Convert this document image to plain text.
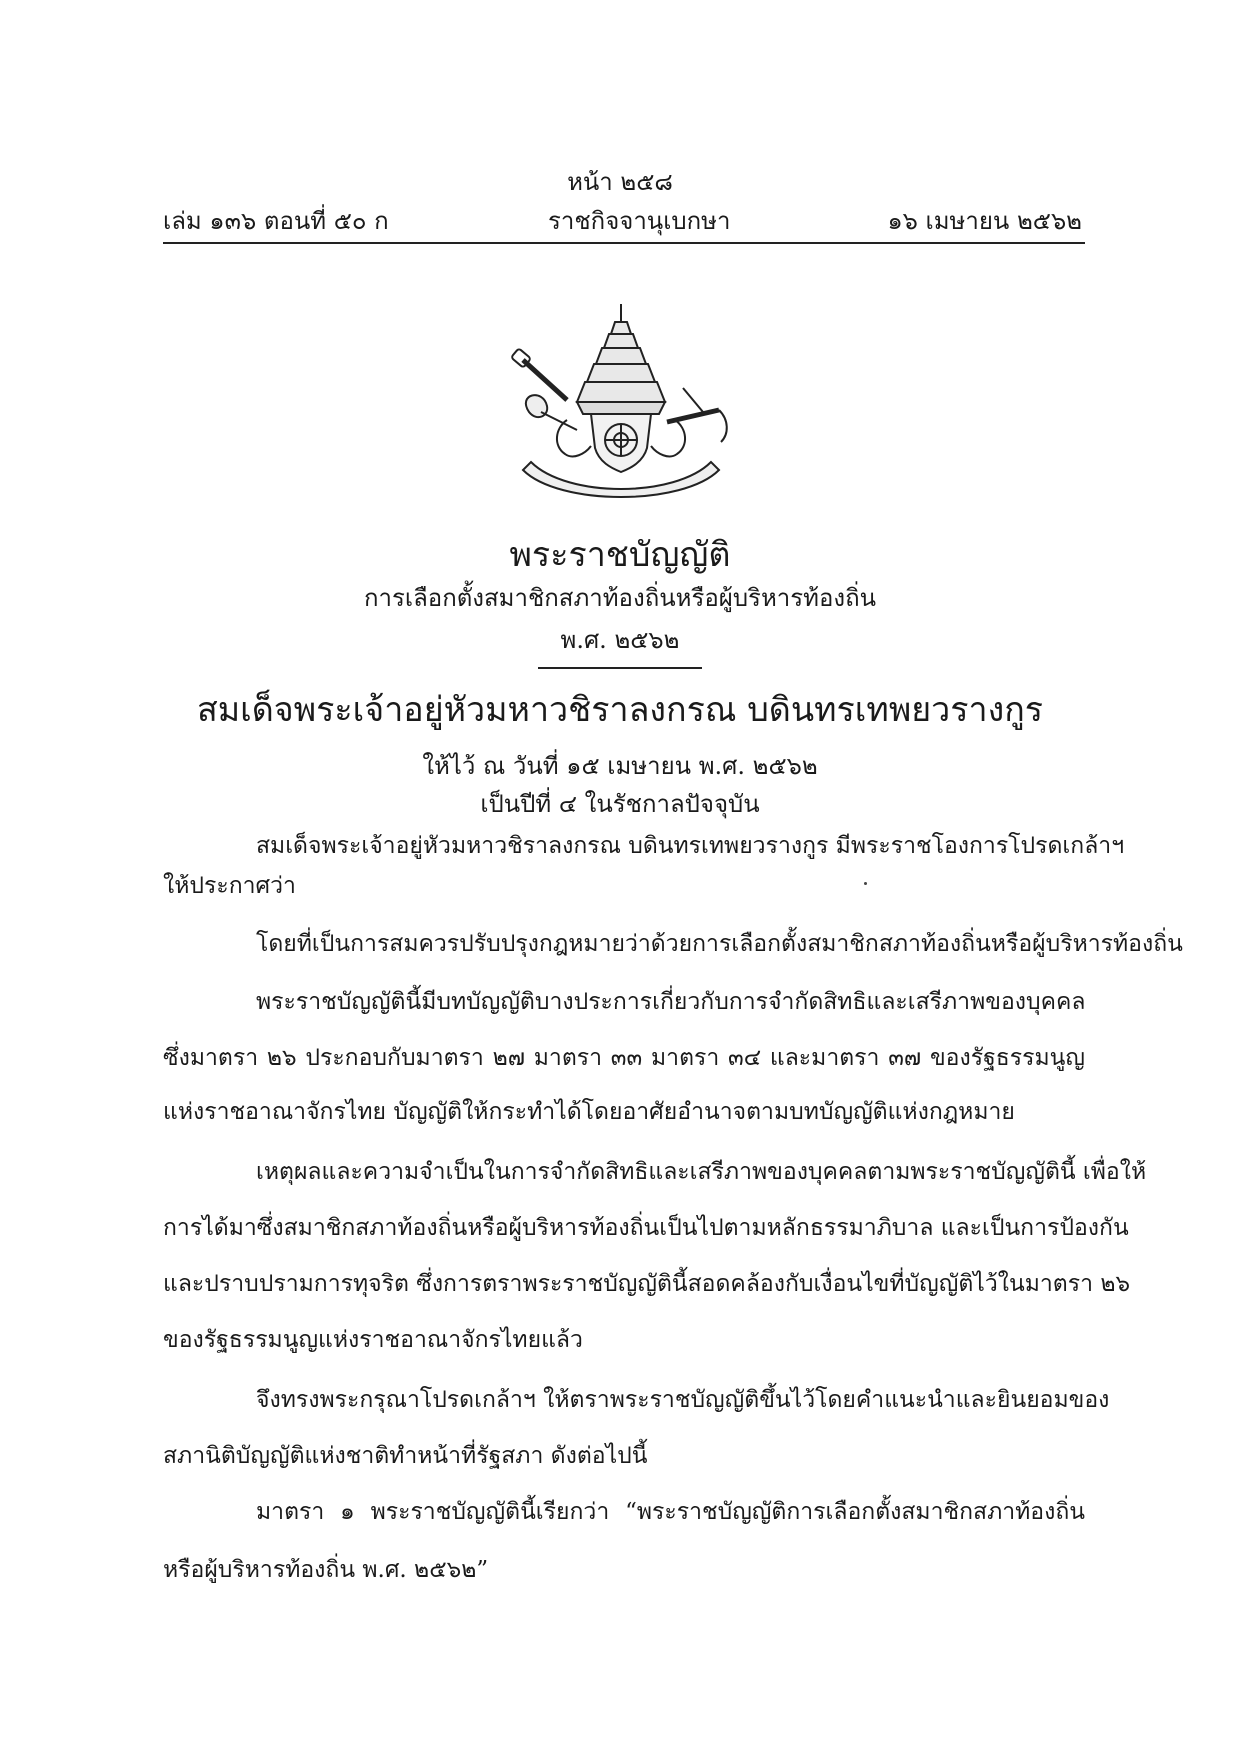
หน้า ๒๕๘
เล่ม ๑๓๖ ตอนที่ ๕๐ ก	ราชกิจจานุเบกษา	๑๖ เมษายน ๒๕๖๒
พระราชบัญญัติ
การเลือกตั้งสมาชิกสภาท้องถิ่นหรือผู้บริหารท้องถิ่น
พ.ศ. ๒๕๖๒
สมเด็จพระเจ้าอยู่หัวมหาวชิราลงกรณ บดินทรเทพยวรางกูร
ให้ไว้ ณ วันที่ ๑๕ เมษายน พ.ศ. ๒๕๖๒
เป็นปีที่ ๔ ในรัชกาลปัจจุบัน
สมเด็จพระเจ้าอยู่หัวมหาวชิราลงกรณ บดินทรเทพยวรางกูร มีพระราชโองการโปรดเกล้าฯ
ให้ประกาศว่า
โดยที่เป็นการสมควรปรับปรุงกฎหมายว่าด้วยการเลือกตั้งสมาชิกสภาท้องถิ่นหรือผู้บริหารท้องถิ่น
พระราชบัญญัตินี้มีบทบัญญัติบางประการเกี่ยวกับการจำกัดสิทธิและเสรีภาพของบุคคล
ซึ่งมาตรา ๒๖ ประกอบกับมาตรา ๒๗ มาตรา ๓๓ มาตรา ๓๔ และมาตรา ๓๗ ของรัฐธรรมนูญ
แห่งราชอาณาจักรไทย บัญญัติให้กระทำได้โดยอาศัยอำนาจตามบทบัญญัติแห่งกฎหมาย
เหตุผลและความจำเป็นในการจำกัดสิทธิและเสรีภาพของบุคคลตามพระราชบัญญัตินี้ เพื่อให้
การได้มาซึ่งสมาชิกสภาท้องถิ่นหรือผู้บริหารท้องถิ่นเป็นไปตามหลักธรรมาภิบาล และเป็นการป้องกัน
และปราบปรามการทุจริต ซึ่งการตราพระราชบัญญัตินี้สอดคล้องกับเงื่อนไขที่บัญญัติไว้ในมาตรา ๒๖
ของรัฐธรรมนูญแห่งราชอาณาจักรไทยแล้ว
จึงทรงพระกรุณาโปรดเกล้าฯ ให้ตราพระราชบัญญัติขึ้นไว้โดยคำแนะนำและยินยอมของ
สภานิติบัญญัติแห่งชาติทำหน้าที่รัฐสภา ดังต่อไปนี้
มาตรา ๑ พระราชบัญญัตินี้เรียกว่า “พระราชบัญญัติการเลือกตั้งสมาชิกสภาท้องถิ่น
หรือผู้บริหารท้องถิ่น พ.ศ. ๒๕๖๒”
